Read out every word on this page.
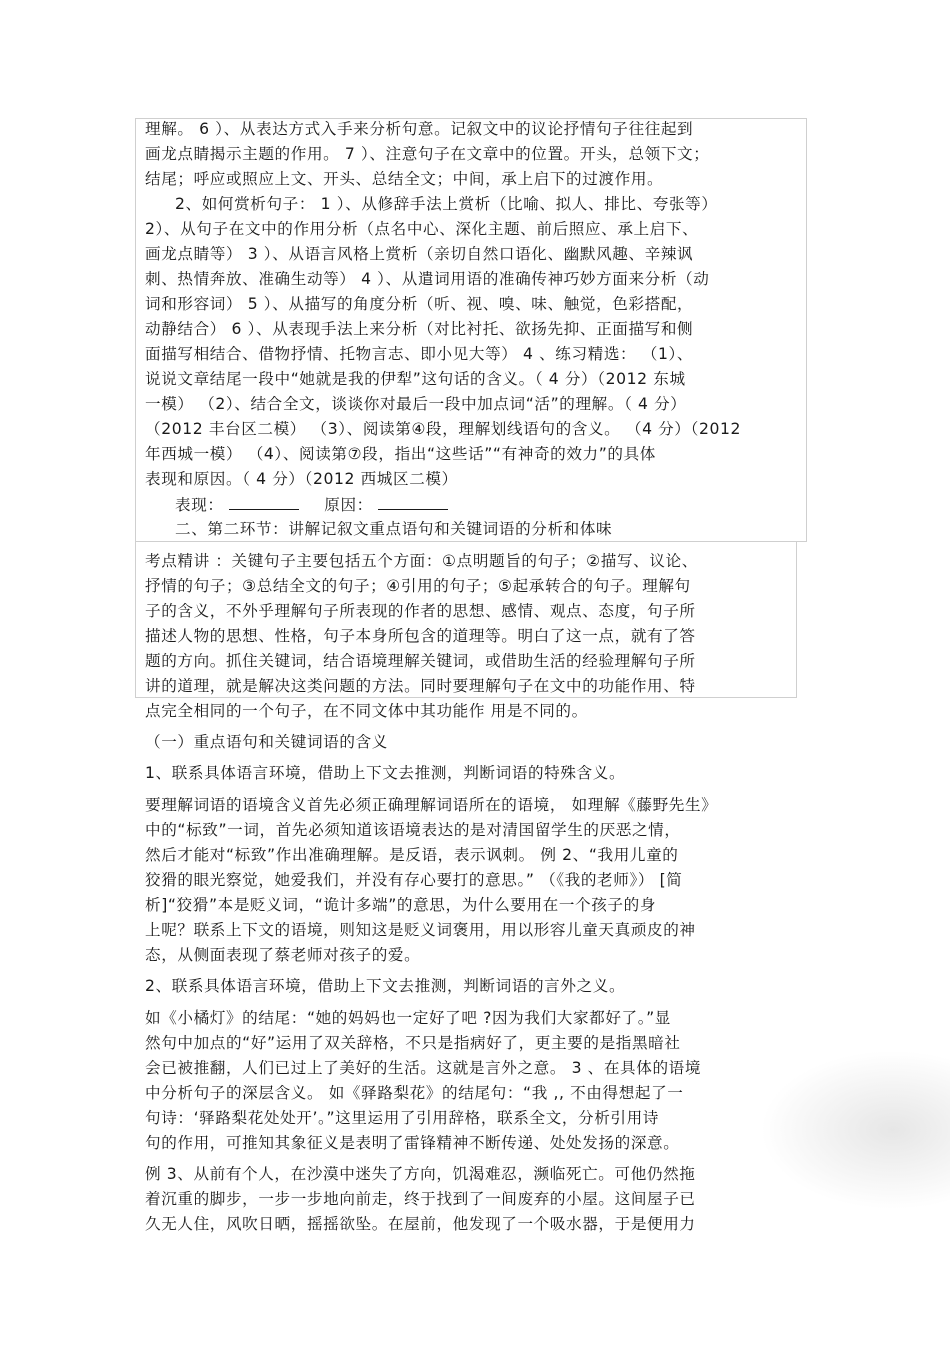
理解。 6 ）、从表达方式入手来分析句意。记叙文中的议论抒情句子往往起到
画龙点睛揭示主题的作用。 7 ）、注意句子在文章中的位置。开头，总领下文；
结尾；呼应或照应上文、开头、总结全文；中间，承上启下的过渡作用。
2、如何赏析句子： 1 ）、从修辞手法上赏析（比喻、拟人、排比、夸张等）
2）、从句子在文中的作用分析（点名中心、深化主题、前后照应、承上启下、
画龙点睛等） 3 ）、从语言风格上赏析（亲切自然口语化、幽默风趣、辛辣讽
刺、热情奔放、准确生动等） 4 ）、从遣词用语的准确传神巧妙方面来分析（动
词和形容词） 5 ）、从描写的角度分析（听、视、嗅、味、触觉，色彩搭配，
动静结合） 6 ）、从表现手法上来分析（对比衬托、欲扬先抑、正面描写和侧
面描写相结合、借物抒情、托物言志、即小见大等） 4 、练习精选： （1）、
说说文章结尾一段中“她就是我的伊犁”这句话的含义。（ 4 分）（2012 东城
一模） （2）、结合全文，谈谈你对最后一段中加点词“活”的理解。（ 4 分）
（2012 丰台区二模） （3）、阅读第④段，理解划线语句的含义。 （4 分）（2012
年西城一模） （4）、阅读第⑦段，指出“这些话”“有神奇的效力”的具体
表现和原因。（ 4 分）（2012 西城区二模）
表现：	原因：
二、第二环节：讲解记叙文重点语句和关键词语的分析和体味
考点精讲 ：关键句子主要包括五个方面：①点明题旨的句子；②描写、议论、
抒情的句子；③总结全文的句子；④引用的句子；⑤起承转合的句子。理解句
子的含义，不外乎理解句子所表现的作者的思想、感情、观点、态度，句子所
描述人物的思想、性格，句子本身所包含的道理等。明白了这一点，就有了答
题的方向。抓住关键词，结合语境理解关键词，或借助生活的经验理解句子所
讲的道理，就是解决这类问题的方法。同时要理解句子在文中的功能作用、特
点完全相同的一个句子，在不同文体中其功能作 用是不同的。
（一）重点语句和关键词语的含义
1、联系具体语言环境，借助上下文去推测，判断词语的特殊含义。
要理解词语的语境含义首先必须正确理解词语所在的语境， 如理解《藤野先生》
中的“标致”一词，首先必须知道该语境表达的是对清国留学生的厌恶之情，
然后才能对“标致”作出准确理解。是反语，表示讽刺。 例 2、“我用儿童的
狡猾的眼光察觉，她爱我们，并没有存心要打的意思。” （《我的老师》） [简
析]“狡猾”本是贬义词，“诡计多端”的意思，为什么要用在一个孩子的身
上呢？联系上下文的语境，则知这是贬义词褒用，用以形容儿童天真顽皮的神
态，从侧面表现了蔡老师对孩子的爱。
2、联系具体语言环境，借助上下文去推测，判断词语的言外之义。
如《小橘灯》的结尾：“她的妈妈也一定好了吧 ?因为我们大家都好了。”显
然句中加点的“好”运用了双关辞格，不只是指病好了，更主要的是指黑暗社
会已被推翻，人们已过上了美好的生活。这就是言外之意。 3 、在具体的语境
中分析句子的深层含义。 如《驿路梨花》的结尾句：“我 ,, 不由得想起了一
句诗：‘驿路梨花处处开’。”这里运用了引用辞格，联系全文，分析引用诗
句的作用，可推知其象征义是表明了雷锋精神不断传递、处处发扬的深意。
例 3、从前有个人，在沙漠中迷失了方向，饥渴难忍，濒临死亡。可他仍然拖
着沉重的脚步，一步一步地向前走，终于找到了一间废弃的小屋。这间屋子已
久无人住，风吹日晒，摇摇欲坠。在屋前，他发现了一个吸水器，于是便用力
